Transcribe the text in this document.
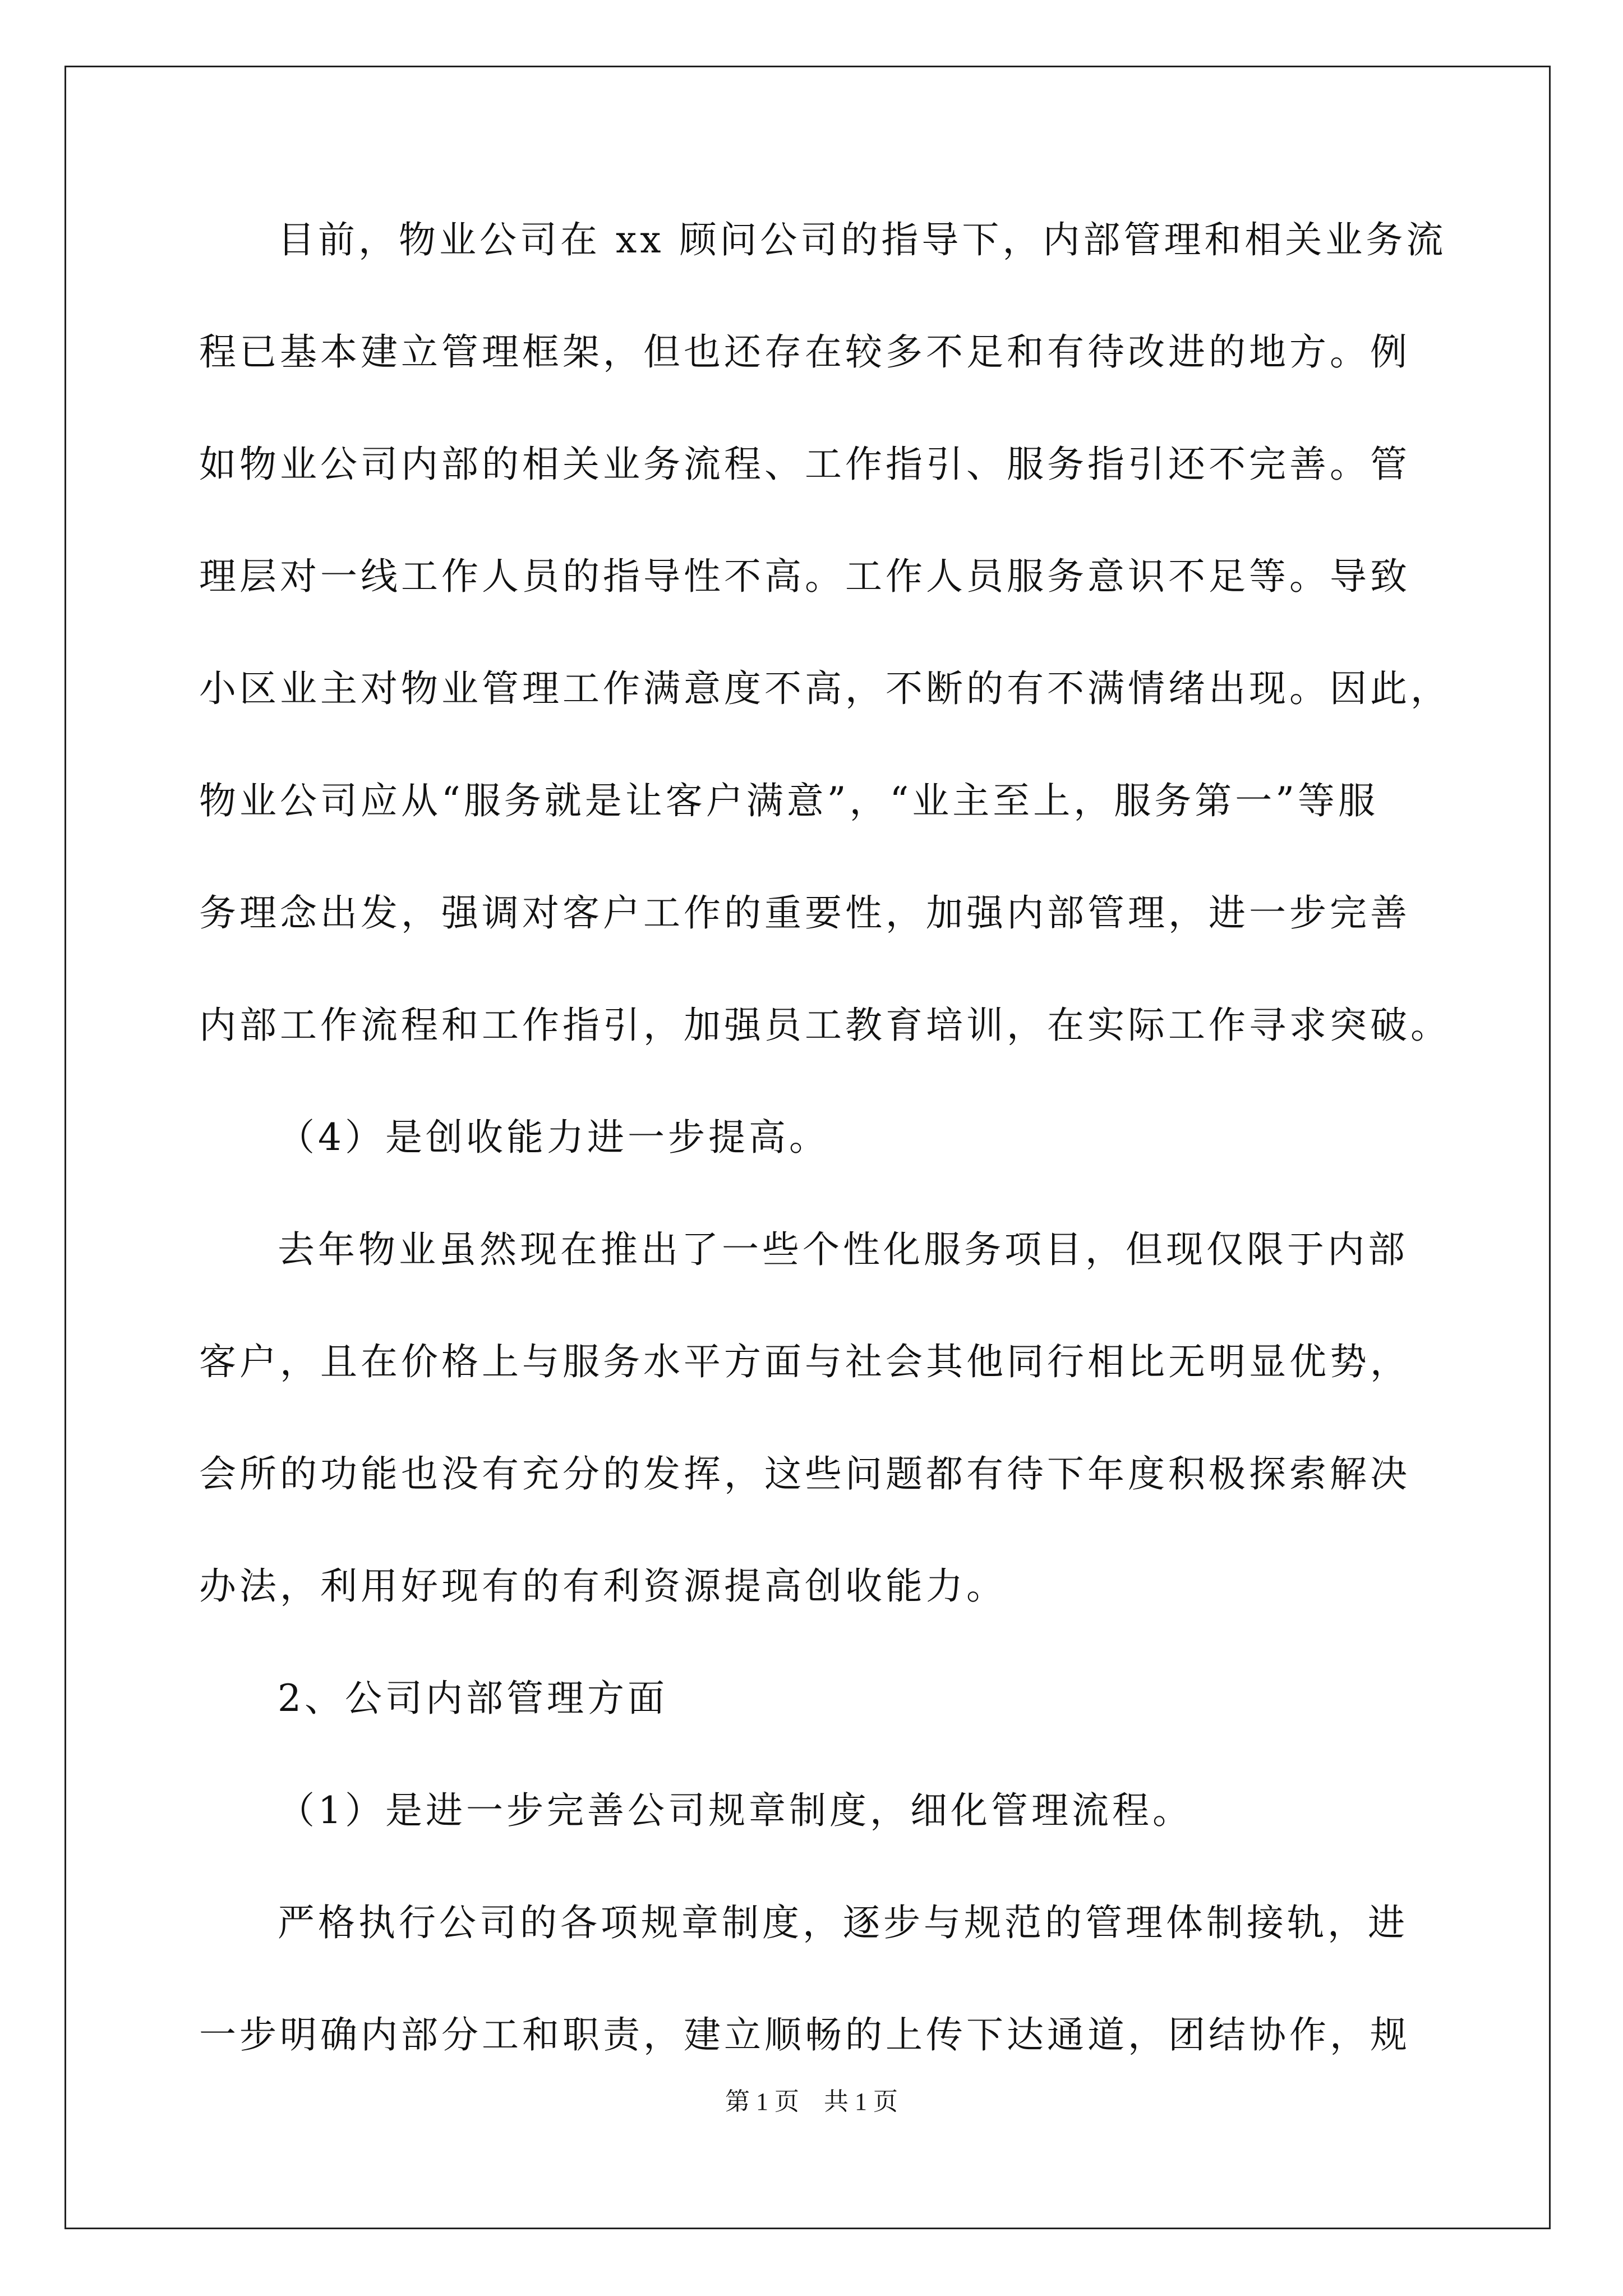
目前，物业公司在 xx 顾问公司的指导下，内部管理和相关业务流
程已基本建立管理框架，但也还存在较多不足和有待改进的地方。例
如物业公司内部的相关业务流程、工作指引、服务指引还不完善。管
理层对一线工作人员的指导性不高。工作人员服务意识不足等。导致
小区业主对物业管理工作满意度不高，不断的有不满情绪出现。因此，
物业公司应从“服务就是让客户满意”，“业主至上，服务第一”等服
务理念出发，强调对客户工作的重要性，加强内部管理，进一步完善
内部工作流程和工作指引，加强员工教育培训，在实际工作寻求突破。
（4）是创收能力进一步提高。
去年物业虽然现在推出了一些个性化服务项目，但现仅限于内部
客户，且在价格上与服务水平方面与社会其他同行相比无明显优势，
会所的功能也没有充分的发挥，这些问题都有待下年度积极探索解决
办法，利用好现有的有利资源提高创收能力。
2、公司内部管理方面
（1）是进一步完善公司规章制度，细化管理流程。
严格执行公司的各项规章制度，逐步与规范的管理体制接轨，进
一步明确内部分工和职责，建立顺畅的上传下达通道，团结协作，规
第 1 页　共 1 页
